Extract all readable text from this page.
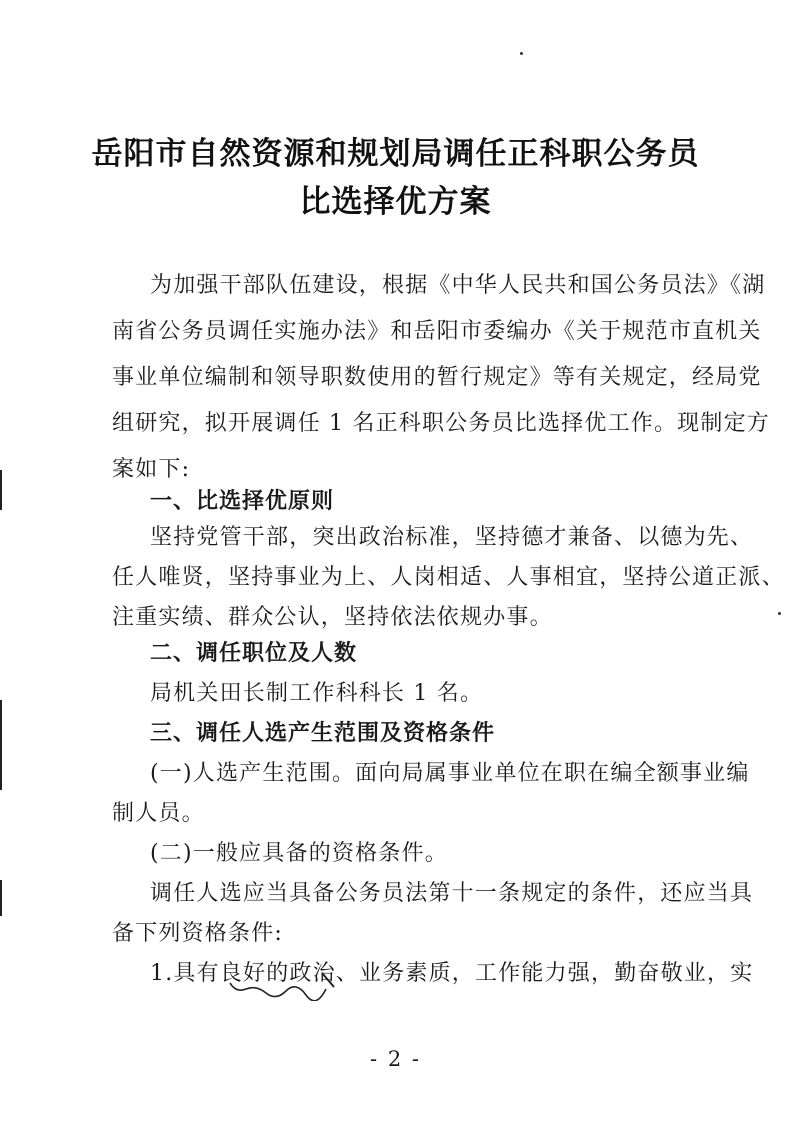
岳阳市自然资源和规划局调任正科职公务员
比选择优方案
为加强干部队伍建设，根据《中华人民共和国公务员法》《湖
南省公务员调任实施办法》和岳阳市委编办《关于规范市直机关
事业单位编制和领导职数使用的暂行规定》等有关规定，经局党
组研究，拟开展调任 1 名正科职公务员比选择优工作。现制定方
案如下:
一、比选择优原则
坚持党管干部，突出政治标准，坚持德才兼备、以德为先、
任人唯贤，坚持事业为上、人岗相适、人事相宜，坚持公道正派、
注重实绩、群众公认，坚持依法依规办事。
二、调任职位及人数
局机关田长制工作科科长 1 名。
三、调任人选产生范围及资格条件
(一)人选产生范围。面向局属事业单位在职在编全额事业编
制人员。
(二)一般应具备的资格条件。
调任人选应当具备公务员法第十一条规定的条件，还应当具
备下列资格条件:
1.具有良好的政治、业务素质，工作能力强，勤奋敬业，实
- 2 -
